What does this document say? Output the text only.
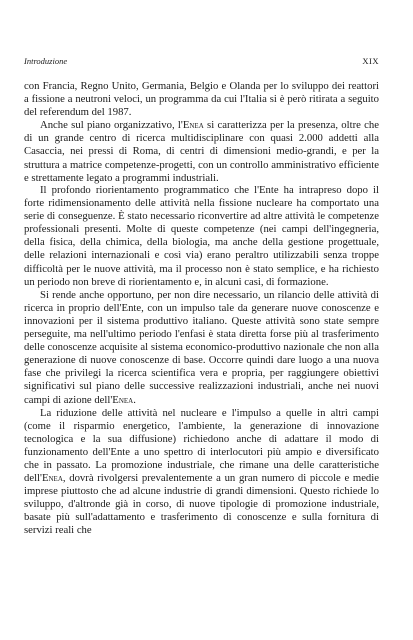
Introduzione	XIX

con Francia, Regno Unito, Germania, Belgio e Olanda per lo sviluppo dei reattori a fissione a neutroni veloci, un programma da cui l'Italia si è però ritirata a seguito del referendum del 1987.

Anche sul piano organizzativo, l'Enea si caratterizza per la presenza, oltre che di un grande centro di ricerca multidisciplinare con quasi 2.000 addetti alla Casaccia, nei pressi di Roma, di centri di dimensioni medio-grandi, e per la struttura a matrice competenze-progetti, con un controllo amministrativo efficiente e strettamente legato a programmi industriali.

Il profondo riorientamento programmatico che l'Ente ha intrapreso dopo il forte ridimensionamento delle attività nella fissione nucleare ha comportato una serie di conseguenze. È stato necessario riconvertire ad altre attività le competenze professionali presenti. Molte di queste competenze (nei campi dell'ingegneria, della fisica, della chimica, della biologia, ma anche della gestione progettuale, delle relazioni internazionali e così via) erano peraltro utilizzabili senza troppe difficoltà per le nuove attività, ma il processo non è stato semplice, e ha richiesto un periodo non breve di riorientamento e, in alcuni casi, di formazione.

Si rende anche opportuno, per non dire necessario, un rilancio delle attività di ricerca in proprio dell'Ente, con un impulso tale da generare nuove conoscenze e innovazioni per il sistema produttivo italiano. Queste attività sono state sempre perseguite, ma nell'ultimo periodo l'enfasi è stata diretta forse più al trasferimento delle conoscenze acquisite al sistema economico-produttivo nazionale che non alla generazione di nuove conoscenze di base. Occorre quindi dare luogo a una nuova fase che privilegi la ricerca scientifica vera e propria, per raggiungere obiettivi significativi sul piano delle successive realizzazioni industriali, anche nei nuovi campi di azione dell'Enea.

La riduzione delle attività nel nucleare e l'impulso a quelle in altri campi (come il risparmio energetico, l'ambiente, la generazione di innovazione tecnologica e la sua diffusione) richiedono anche di adattare il modo di funzionamento dell'Ente a uno spettro di interlocutori più ampio e diversificato che in passato. La promozione industriale, che rimane una delle caratteristiche dell'Enea, dovrà rivolgersi prevalentemente a un gran numero di piccole e medie imprese piuttosto che ad alcune industrie di grandi dimensioni. Questo richiede lo sviluppo, d'altronde già in corso, di nuove tipologie di promozione industriale, basate più sull'adattamento e trasferimento di conoscenze e sulla fornitura di servizi reali che
